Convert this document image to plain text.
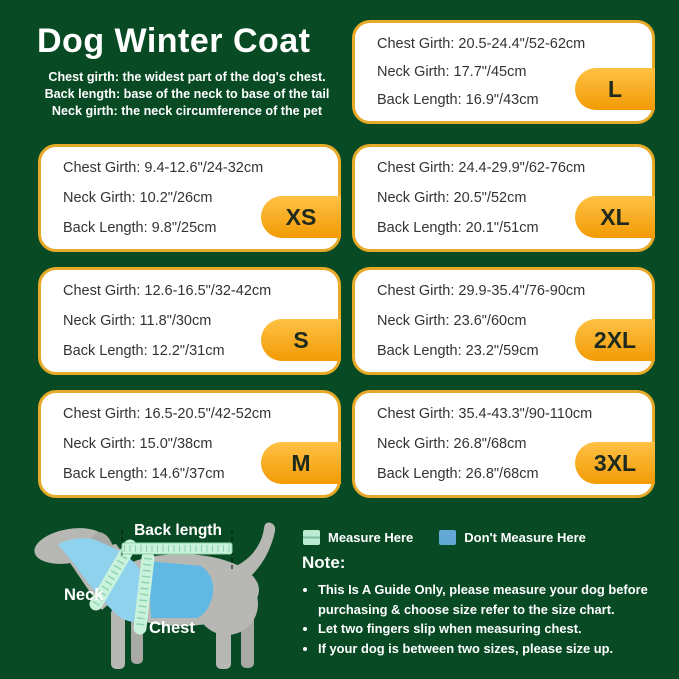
Dog Winter Coat
Chest girth: the widest part of the dog's chest.
Back length: base of the neck to base of the tail
Neck girth: the neck circumference of the pet
Chest Girth: 20.5-24.4"/52-62cm
Neck Girth: 17.7"/45cm
Back Length: 16.9"/43cm	L
Chest Girth: 9.4-12.6"/24-32cm
Neck Girth: 10.2"/26cm
Back Length: 9.8"/25cm	XS
Chest Girth: 24.4-29.9"/62-76cm
Neck Girth: 20.5"/52cm
Back Length: 20.1"/51cm	XL
Chest Girth: 12.6-16.5"/32-42cm
Neck Girth: 11.8"/30cm
Back Length: 12.2"/31cm	S
Chest Girth: 29.9-35.4"/76-90cm
Neck Girth: 23.6"/60cm
Back Length: 23.2"/59cm	2XL
Chest Girth: 16.5-20.5"/42-52cm
Neck Girth: 15.0"/38cm
Back Length: 14.6"/37cm	M
Chest Girth: 35.4-43.3"/90-110cm
Neck Girth: 26.8"/68cm
Back Length: 26.8"/68cm	3XL
Back length
Neck
Chest
Measure Here	Don't Measure Here
Note:
• This Is A Guide Only, please measure your dog before purchasing & choose size refer to the size chart.
• Let two fingers slip when measuring chest.
• If your dog is between two sizes, please size up.
